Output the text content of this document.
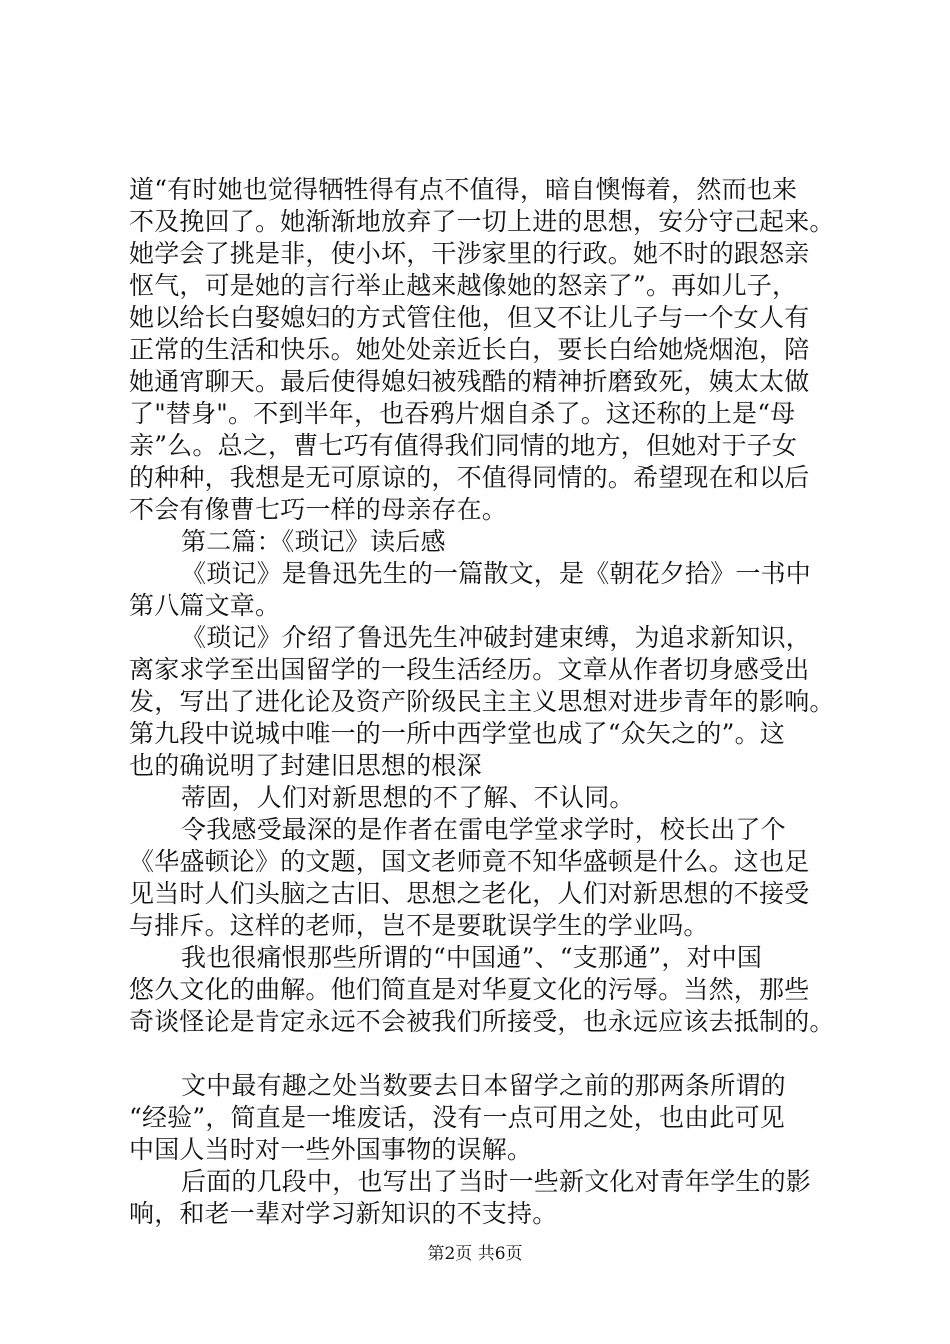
道“有时她也觉得牺牲得有点不值得，暗自懊悔着，然而也来
不及挽回了。她渐渐地放弃了一切上进的思想，安分守己起来。
她学会了挑是非，使小坏，干涉家里的行政。她不时的跟怒亲
怄气，可是她的言行举止越来越像她的怒亲了”。再如儿子，
她以给长白娶媳妇的方式管住他，但又不让儿子与一个女人有
正常的生活和快乐。她处处亲近长白，要长白给她烧烟泡，陪
她通宵聊天。最后使得媳妇被残酷的精神折磨致死，姨太太做
了"替身"。不到半年，也吞鸦片烟自杀了。这还称的上是“母
亲”么。总之，曹七巧有值得我们同情的地方，但她对于子女
的种种，我想是无可原谅的，不值得同情的。希望现在和以后
不会有像曹七巧一样的母亲存在。
第二篇：《琐记》读后感
《琐记》是鲁迅先生的一篇散文，是《朝花夕拾》一书中
第八篇文章。
《琐记》介绍了鲁迅先生冲破封建束缚，为追求新知识，
离家求学至出国留学的一段生活经历。文章从作者切身感受出
发，写出了进化论及资产阶级民主主义思想对进步青年的影响。
第九段中说城中唯一的一所中西学堂也成了“众矢之的”。这
也的确说明了封建旧思想的根深
蒂固，人们对新思想的不了解、不认同。
令我感受最深的是作者在雷电学堂求学时，校长出了个
《华盛顿论》的文题，国文老师竟不知华盛顿是什么。这也足
见当时人们头脑之古旧、思想之老化，人们对新思想的不接受
与排斥。这样的老师，岂不是要耽误学生的学业吗。
我也很痛恨那些所谓的“中国通”、“支那通”，对中国
悠久文化的曲解。他们简直是对华夏文化的污辱。当然，那些
奇谈怪论是肯定永远不会被我们所接受，也永远应该去抵制的。
文中最有趣之处当数要去日本留学之前的那两条所谓的
“经验”，简直是一堆废话，没有一点可用之处，也由此可见
中国人当时对一些外国事物的误解。
后面的几段中，也写出了当时一些新文化对青年学生的影
响，和老一辈对学习新知识的不支持。
第2页 共6页
